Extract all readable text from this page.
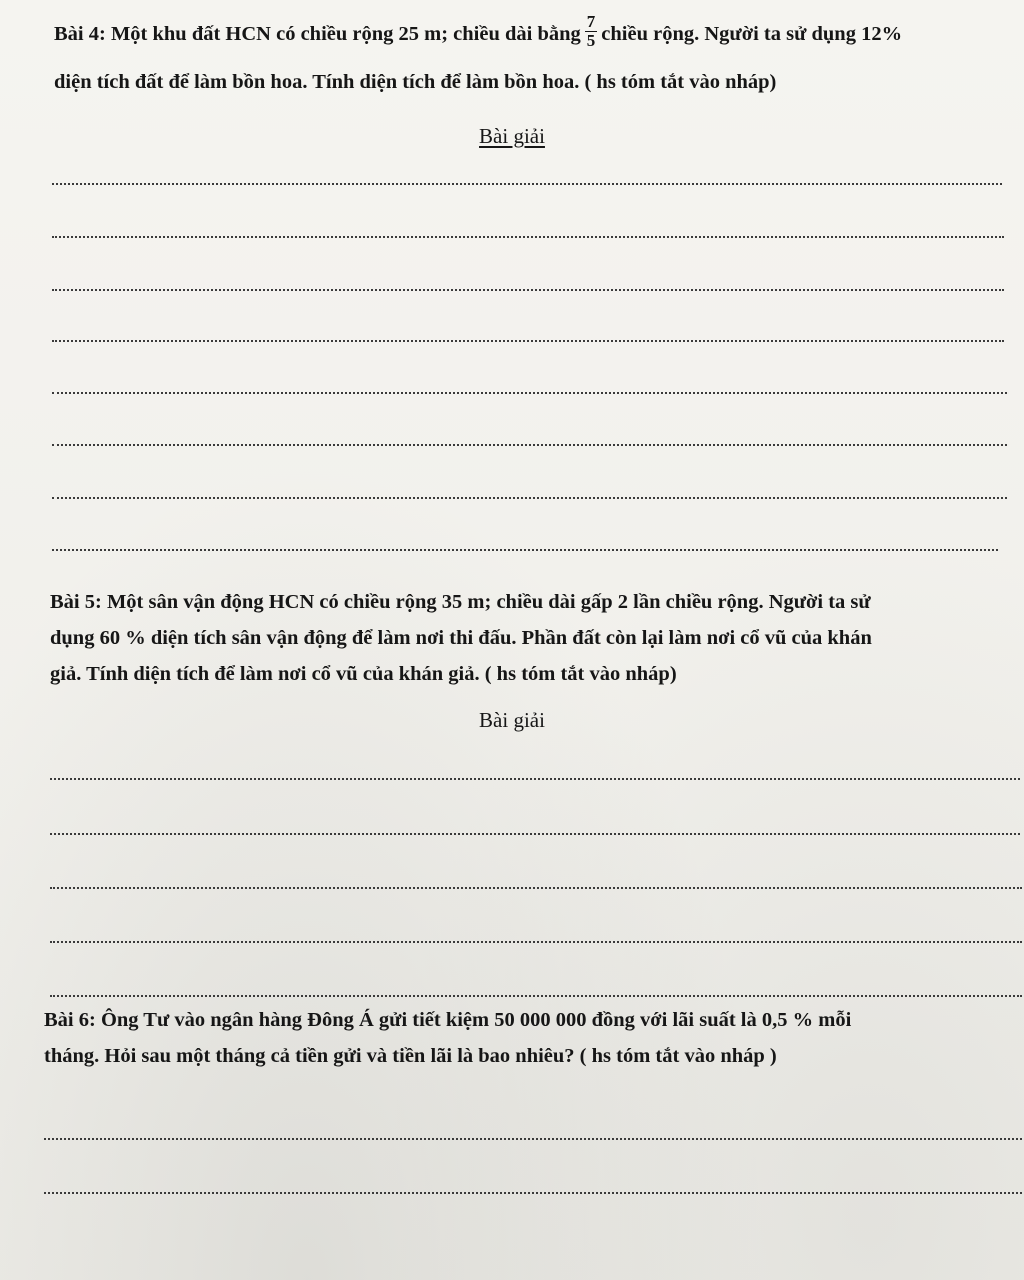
Bài 4: Một khu đất HCN có chiều rộng 25 m; chiều dài bằng $\frac{7}{5}$ chiều rộng. Người ta sử dụng 12%
diện tích đất để làm bồn hoa. Tính diện tích để làm bồn hoa. ( hs tóm tắt vào nháp)
Bài giải
Bài 5: Một sân vận động HCN có chiều rộng 35 m; chiều dài gấp 2 lần chiều rộng. Người ta sử
dụng 60 % diện tích sân vận động để làm nơi thi đấu. Phần đất còn lại làm nơi cổ vũ của khán
giả. Tính diện tích để làm nơi cổ vũ của khán giả. ( hs tóm tắt vào nháp)
Bài giải
Bài 6: Ông Tư vào ngân hàng Đông Á gửi tiết kiệm 50 000 000 đồng với lãi suất là 0,5 % mỗi
tháng. Hỏi sau một tháng cả tiền gửi và tiền lãi là bao nhiêu? ( hs tóm tắt vào nháp )
